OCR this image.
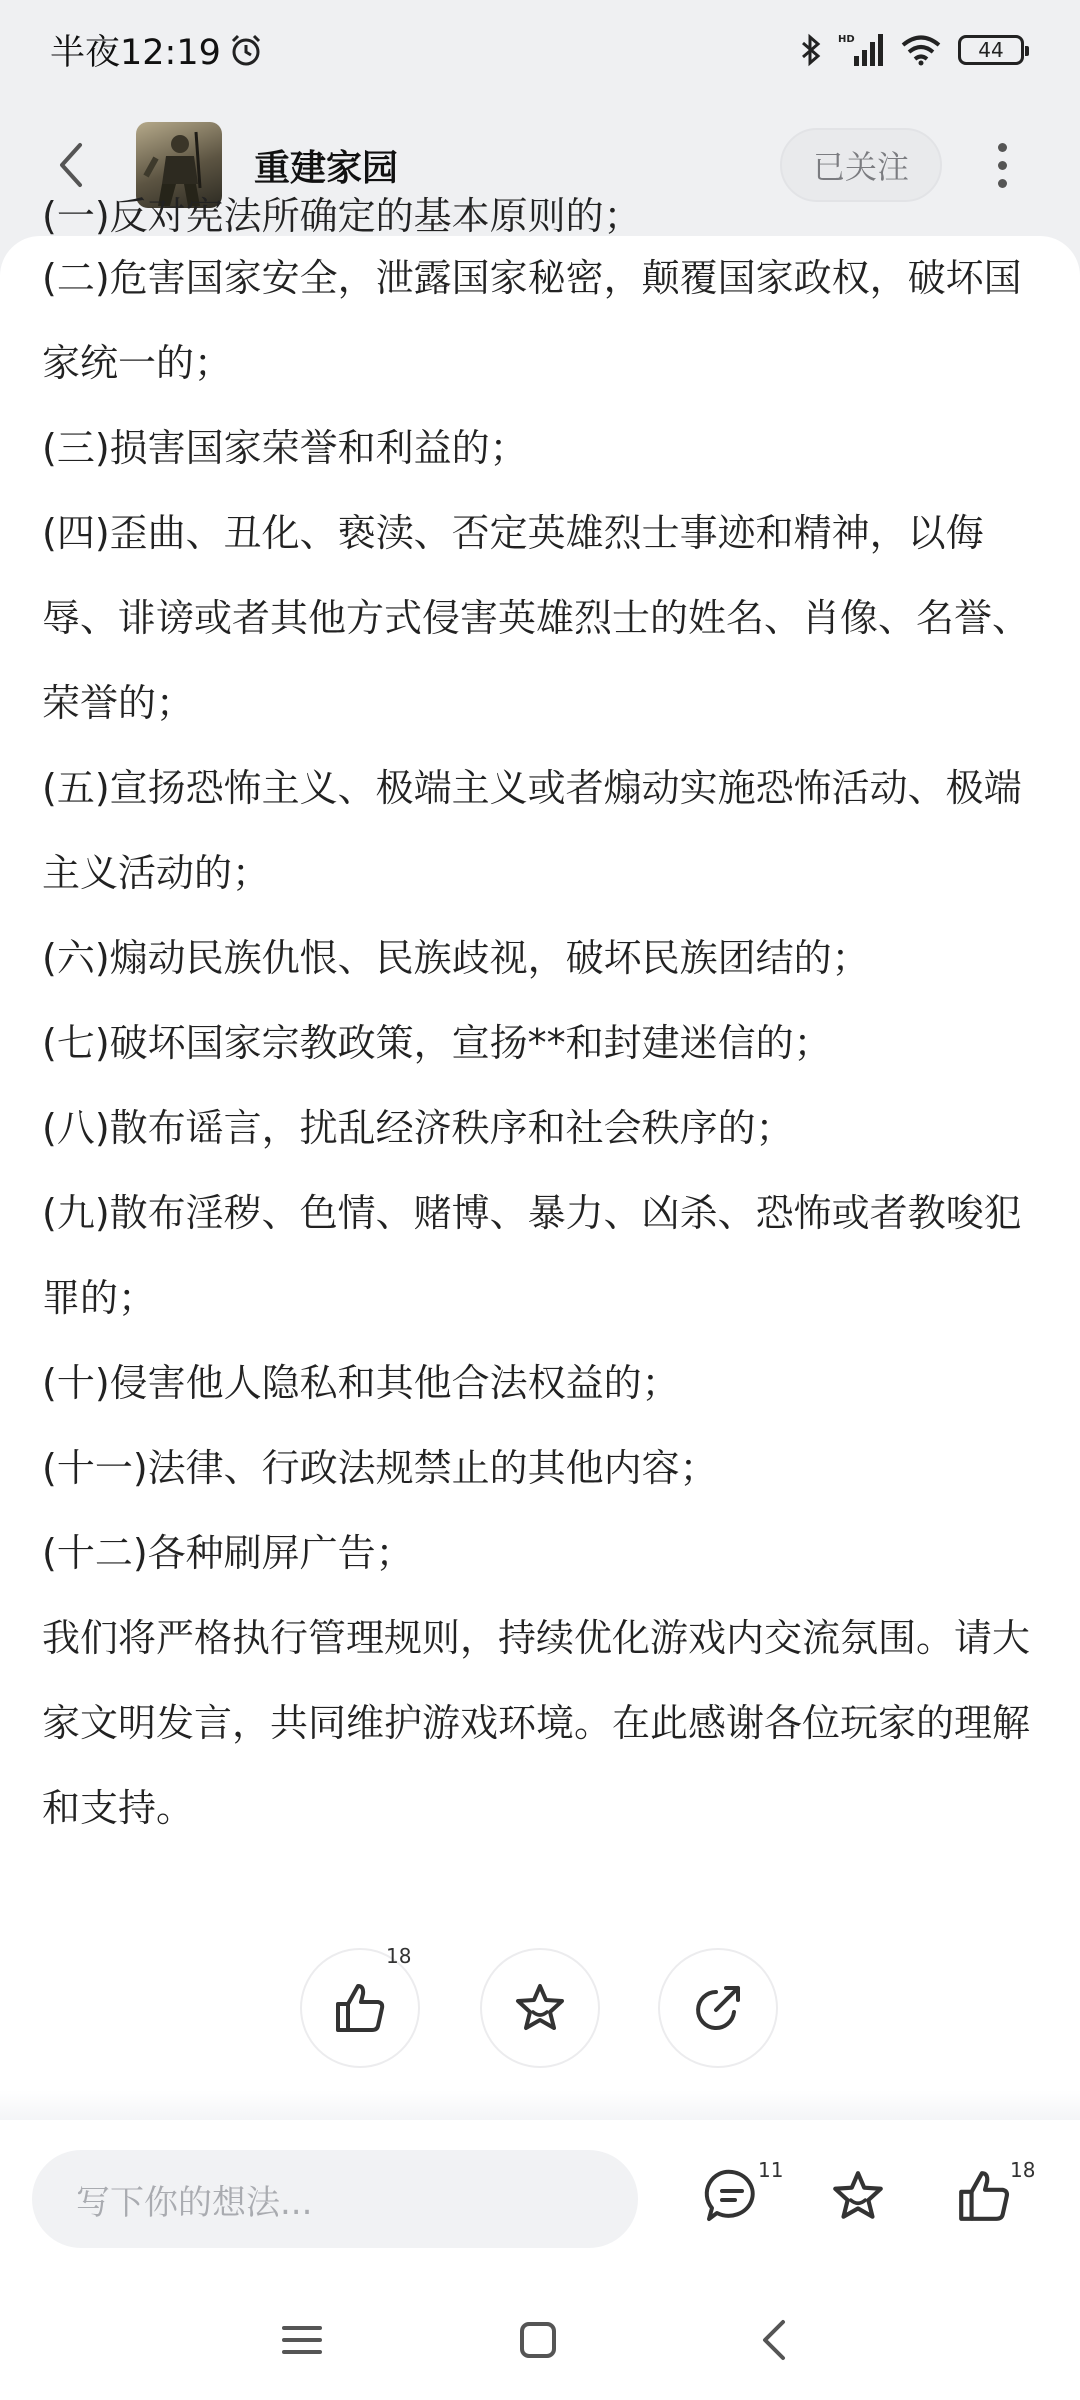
半夜12:19	HD	44
重建家园	已关注
(一)反对宪法所确定的基本原则的；

(二)危害国家安全，泄露国家秘密，颠覆国家政权，破坏国家统一的；

(三)损害国家荣誉和利益的；

(四)歪曲、丑化、亵渎、否定英雄烈士事迹和精神，以侮辱、诽谤或者其他方式侵害英雄烈士的姓名、肖像、名誉、荣誉的；

(五)宣扬恐怖主义、极端主义或者煽动实施恐怖活动、极端主义活动的；

(六)煽动民族仇恨、民族歧视，破坏民族团结的；

(七)破坏国家宗教政策，宣扬**和封建迷信的；

(八)散布谣言，扰乱经济秩序和社会秩序的；

(九)散布淫秽、色情、赌博、暴力、凶杀、恐怖或者教唆犯罪的；

(十)侵害他人隐私和其他合法权益的；

(十一)法律、行政法规禁止的其他内容；

(十二)各种刷屏广告；

我们将严格执行管理规则，持续优化游戏内交流氛围。请大家文明发言，共同维护游戏环境。在此感谢各位玩家的理解和支持。

18
写下你的想法...
11	18
